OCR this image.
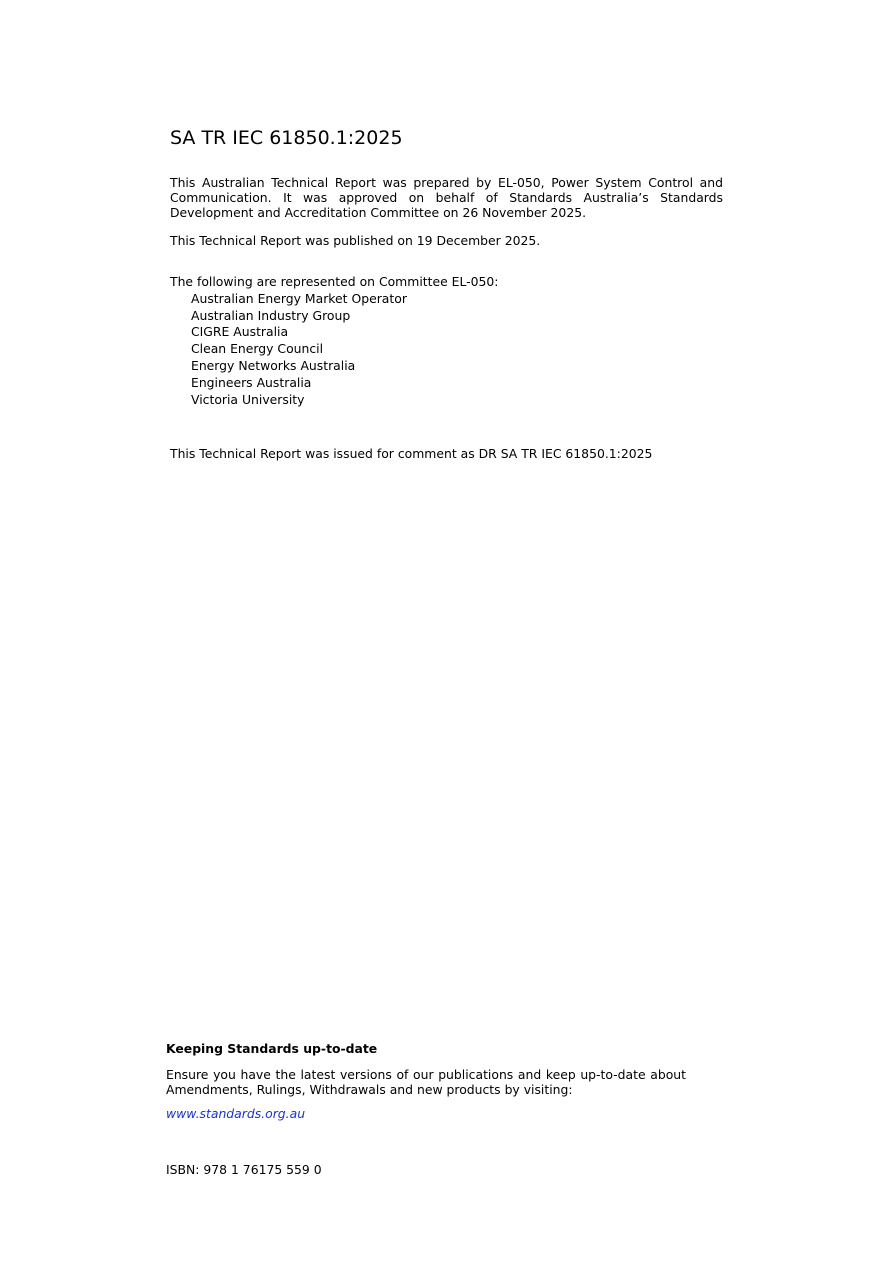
SA TR IEC 61850.1:2025

This Australian Technical Report was prepared by EL-050, Power System Control and Communication. It was approved on behalf of Standards Australia’s Standards Development and Accreditation Committee on 26 November 2025.

This Technical Report was published on 19 December 2025.
The following are represented on Committee EL-050:
Australian Energy Market Operator
Australian Industry Group
CIGRE Australia
Clean Energy Council
Energy Networks Australia
Engineers Australia
Victoria University
This Technical Report was issued for comment as DR SA TR IEC 61850.1:2025
Keeping Standards up-to-date
Ensure you have the latest versions of our publications and keep up-to-date about Amendments, Rulings, Withdrawals and new products by visiting:
www.standards.org.au
ISBN: 978 1 76175 559 0
